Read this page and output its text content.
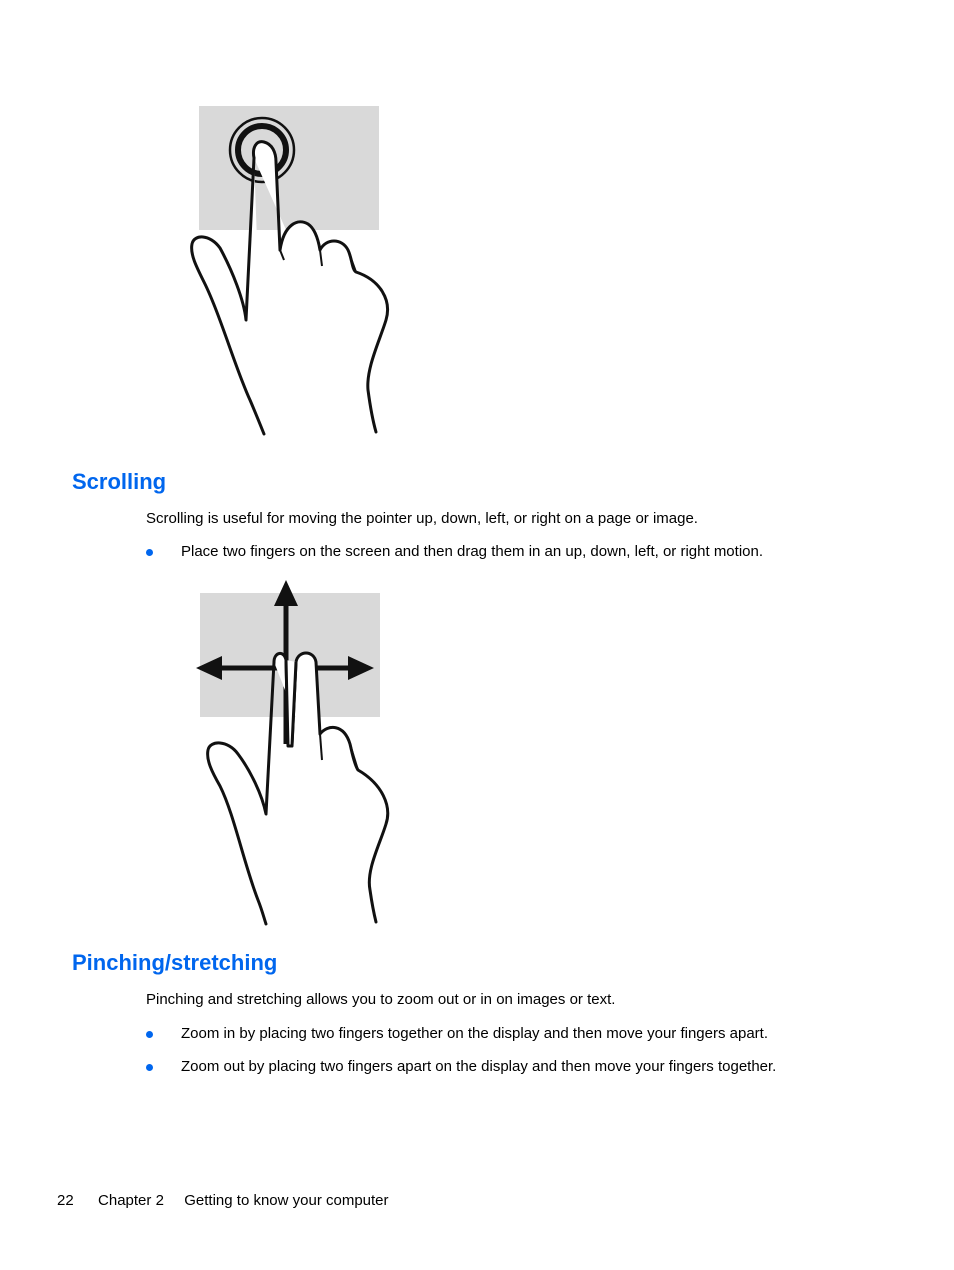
Scrolling

Scrolling is useful for moving the pointer up, down, left, or right on a page or image.

Place two fingers on the screen and then drag them in an up, down, left, or right motion.
Pinching/stretching

Pinching and stretching allows you to zoom out or in on images or text.

Zoom in by placing two fingers together on the display and then move your fingers apart.
Zoom out by placing two fingers apart on the display and then move your fingers together.
22 Chapter 2 Getting to know your computer
